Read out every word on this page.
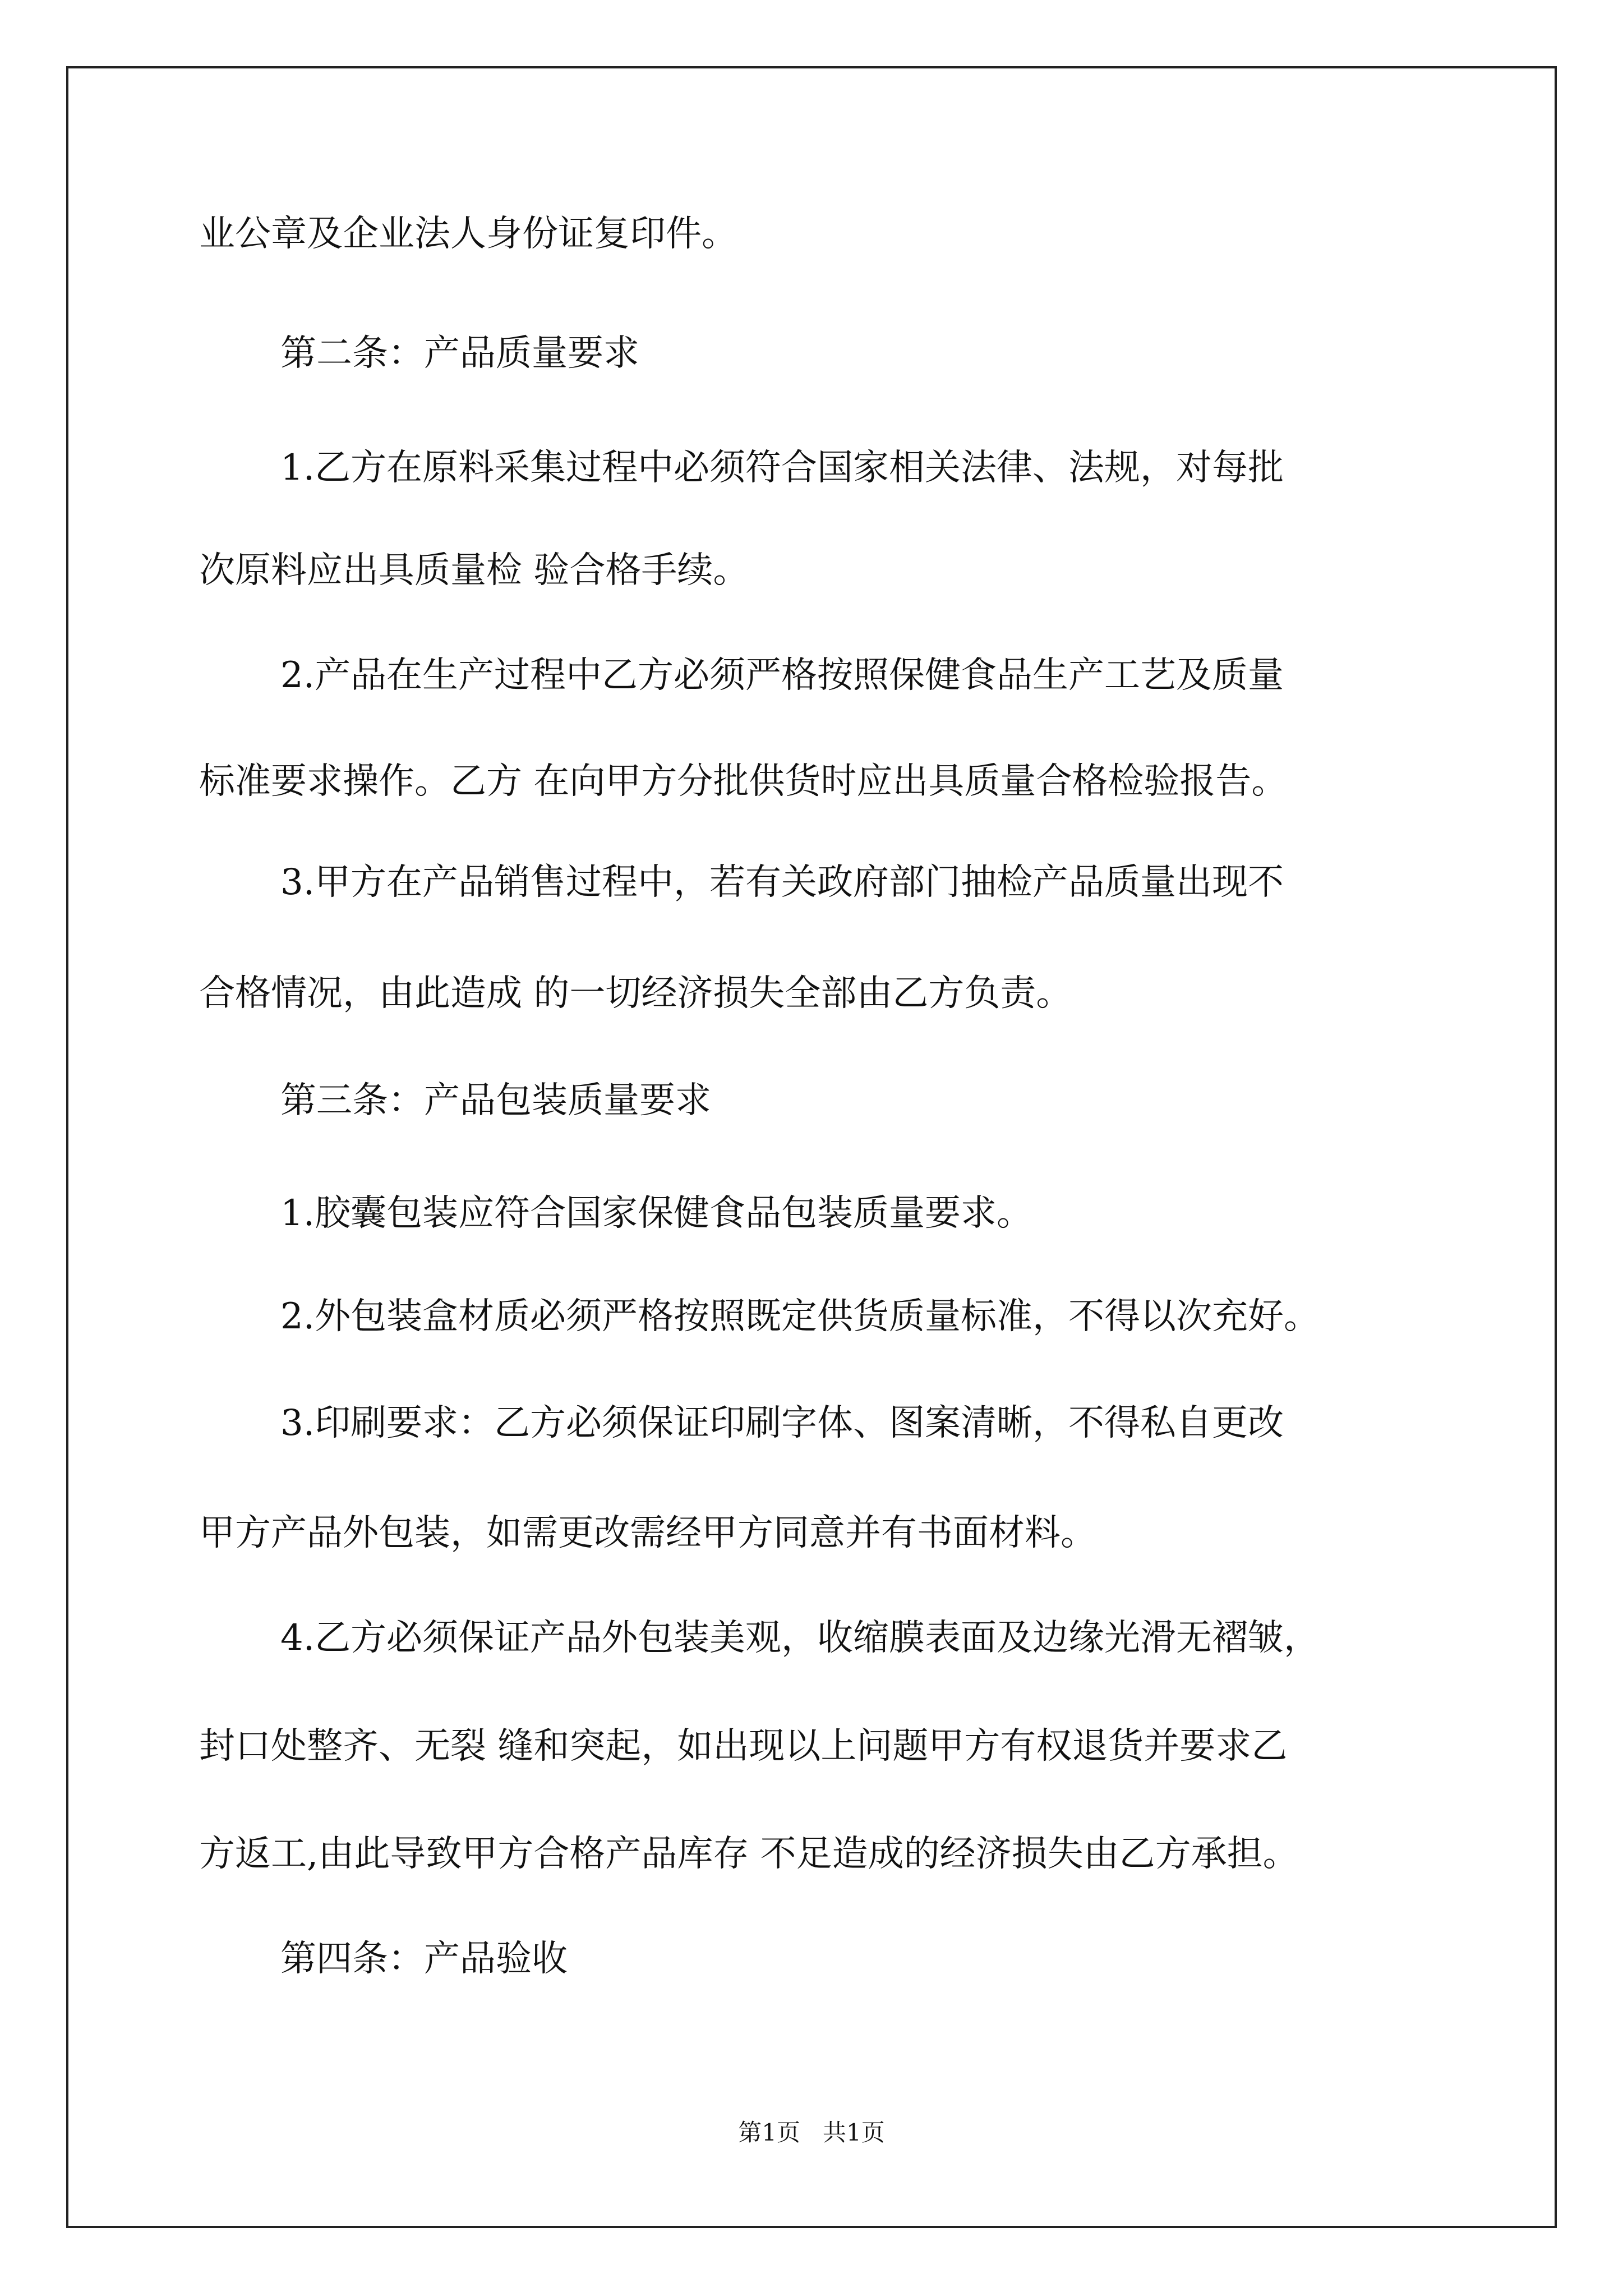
业公章及企业法人身份证复印件。

第二条：产品质量要求

1.乙方在原料采集过程中必须符合国家相关法律、法规，对每批

次原料应出具质量检 验合格手续。

2.产品在生产过程中乙方必须严格按照保健食品生产工艺及质量

标准要求操作。乙方 在向甲方分批供货时应出具质量合格检验报告。

3.甲方在产品销售过程中，若有关政府部门抽检产品质量出现不

合格情况，由此造成 的一切经济损失全部由乙方负责。

第三条：产品包装质量要求

1.胶囊包装应符合国家保健食品包装质量要求。

2.外包装盒材质必须严格按照既定供货质量标准，不得以次充好。

3.印刷要求：乙方必须保证印刷字体、图案清晰，不得私自更改

甲方产品外包装，如需更改需经甲方同意并有书面材料。

4.乙方必须保证产品外包装美观，收缩膜表面及边缘光滑无褶皱，

封口处整齐、无裂 缝和突起，如出现以上问题甲方有权退货并要求乙

方返工,由此导致甲方合格产品库存 不足造成的经济损失由乙方承担。

第四条：产品验收

第1页   共1页
